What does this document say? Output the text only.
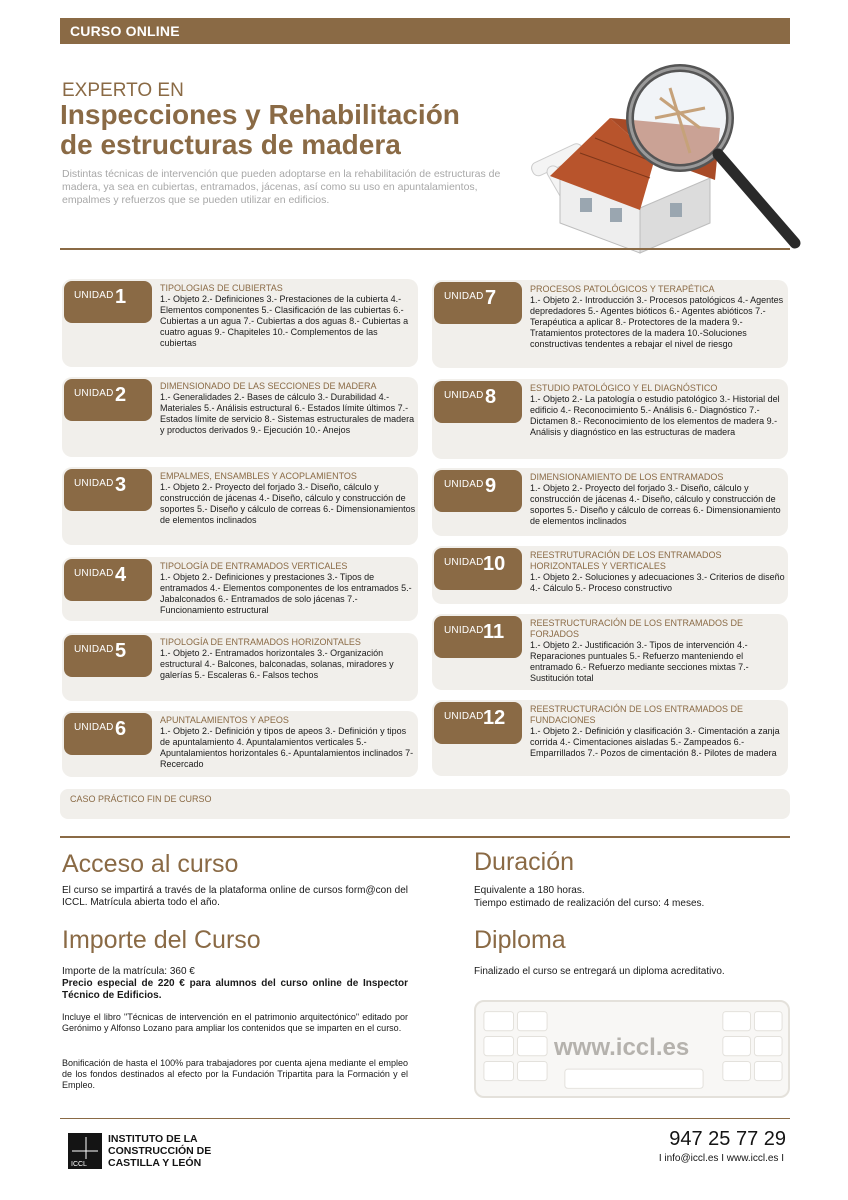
CURSO ONLINE
EXPERTO EN
Inspecciones y Rehabilitación
de estructuras de madera
Distintas técnicas de intervención que pueden adoptarse en la rehabilitación de estructuras de madera, ya sea en cubiertas, entramados, jácenas, así como su uso en apuntalamientos, empalmes y refuerzos que se pueden utilizar en edificios.
UNIDAD 1	TIPOLOGIAS DE CUBIERTAS
1.- Objeto 2.- Definiciones 3.- Prestaciones de la cubierta 4.- Elementos componentes 5.- Clasificación de las cubiertas 6.- Cubiertas a un agua 7.- Cubiertas a dos aguas 8.- Cubiertas a cuatro aguas 9.- Chapiteles 10.- Complementos de las cubiertas
UNIDAD 2	DIMENSIONADO DE LAS SECCIONES DE MADERA
1.- Generalidades 2.- Bases de cálculo 3.- Durabilidad 4.- Materiales 5.- Análisis estructural 6.- Estados límite últimos 7.- Estados límite de servicio 8.- Sistemas estructurales de madera y productos derivados 9.- Ejecución 10.- Anejos
UNIDAD 3	EMPALMES, ENSAMBLES Y ACOPLAMIENTOS
1.- Objeto 2.- Proyecto del forjado 3.- Diseño, cálculo y construcción de jácenas 4.- Diseño, cálculo y construcción de soportes 5.- Diseño y cálculo de correas 6.- Dimensionamientos de elementos inclinados
UNIDAD 4	TIPOLOGÍA DE ENTRAMADOS VERTICALES
1.- Objeto 2.- Definiciones y prestaciones 3.- Tipos de entramados 4.- Elementos componentes de los entramados 5.- Jabalconados 6.- Entramados de solo jácenas 7.- Funcionamiento estructural
UNIDAD 5	TIPOLOGÍA DE ENTRAMADOS HORIZONTALES
1.- Objeto 2.- Entramados horizontales 3.- Organización estructural 4.- Balcones, balconadas, solanas, miradores y galerías 5.- Escaleras 6.- Falsos techos
UNIDAD 6	APUNTALAMIENTOS Y APEOS
1.- Objeto 2.- Definición y tipos de apeos 3.- Definición y tipos de apuntalamiento 4. Apuntalamientos verticales 5.- Apuntalamientos horizontales 6.- Apuntalamientos inclinados 7- Recercado
UNIDAD 7	PROCESOS PATOLÓGICOS Y TERAPÉTICA
1.- Objeto 2.- Introducción 3.- Procesos patológicos 4.- Agentes depredadores 5.- Agentes bióticos 6.- Agentes abióticos 7.- Terapéutica a aplicar 8.- Protectores de la madera 9.-Tratamientos protectores de la madera 10.-Soluciones constructivas tendentes a rebajar el nivel de riesgo
UNIDAD 8	ESTUDIO PATOLÓGICO Y EL DIAGNÓSTICO
1.- Objeto 2.- La patología o estudio patológico 3.- Historial del edificio 4.- Reconocimiento 5.- Análisis 6.- Diagnóstico 7.- Dictamen 8.- Reconocimiento de los elementos de madera 9.- Análisis y diagnóstico en las estructuras de madera
UNIDAD 9	DIMENSIONAMIENTO DE LOS ENTRAMADOS
1.- Objeto 2.- Proyecto del forjado 3.- Diseño, cálculo y construcción de jácenas 4.- Diseño, cálculo y construcción de soportes 5.- Diseño y cálculo de correas 6.- Dimensionamiento de elementos inclinados
UNIDAD 10	REESTRUTURACIÓN DE LOS ENTRAMADOS HORIZONTALES Y VERTICALES
1.- Objeto 2.- Soluciones y adecuaciones 3.- Criterios de diseño 4.- Cálculo 5.- Proceso constructivo
UNIDAD 11	REESTRUCTURACIÓN DE LOS ENTRAMADOS DE FORJADOS
1.- Objeto 2.- Justificación 3.- Tipos de intervención 4.- Reparaciones puntuales 5.- Refuerzo manteniendo el entramado 6.- Refuerzo mediante secciones mixtas 7.- Sustitución total
UNIDAD 12	REESTRUCTURACIÓN DE LOS ENTRAMADOS DE FUNDACIONES
1.- Objeto 2.- Definición y clasificación 3.- Cimentación a zanja corrida 4.- Cimentaciones aisladas 5.- Zampeados 6.- Emparrillados 7.- Pozos de cimentación 8.- Pilotes de madera
CASO PRÁCTICO FIN DE CURSO
Acceso al curso
El curso se impartirá a través de la plataforma online de cursos form@con del ICCL. Matrícula abierta todo el año.
Duración
Equivalente a 180 horas.
Tiempo estimado de realización del curso: 4 meses.
Importe del Curso
Importe de la matrícula: 360 €
Precio especial de 220 € para alumnos del curso online de Inspector Técnico de Edificios.
Incluye el libro "Técnicas de intervención en el patrimonio arquitectónico" editado por Gerónimo y Alfonso Lozano para ampliar los contenidos que se imparten en el curso.
Bonificación de hasta el 100% para trabajadores por cuenta ajena mediante el empleo de los fondos destinados al efecto por la Fundación Tripartita para la Formación y el Empleo.
Diploma
Finalizado el curso se entregará un diploma acreditativo.
www.iccl.es
ICCL
INSTITUTO DE LA
CONSTRUCCIÓN DE
CASTILLA Y LEÓN
947 25 77 29
I info@iccl.es I www.iccl.es I
